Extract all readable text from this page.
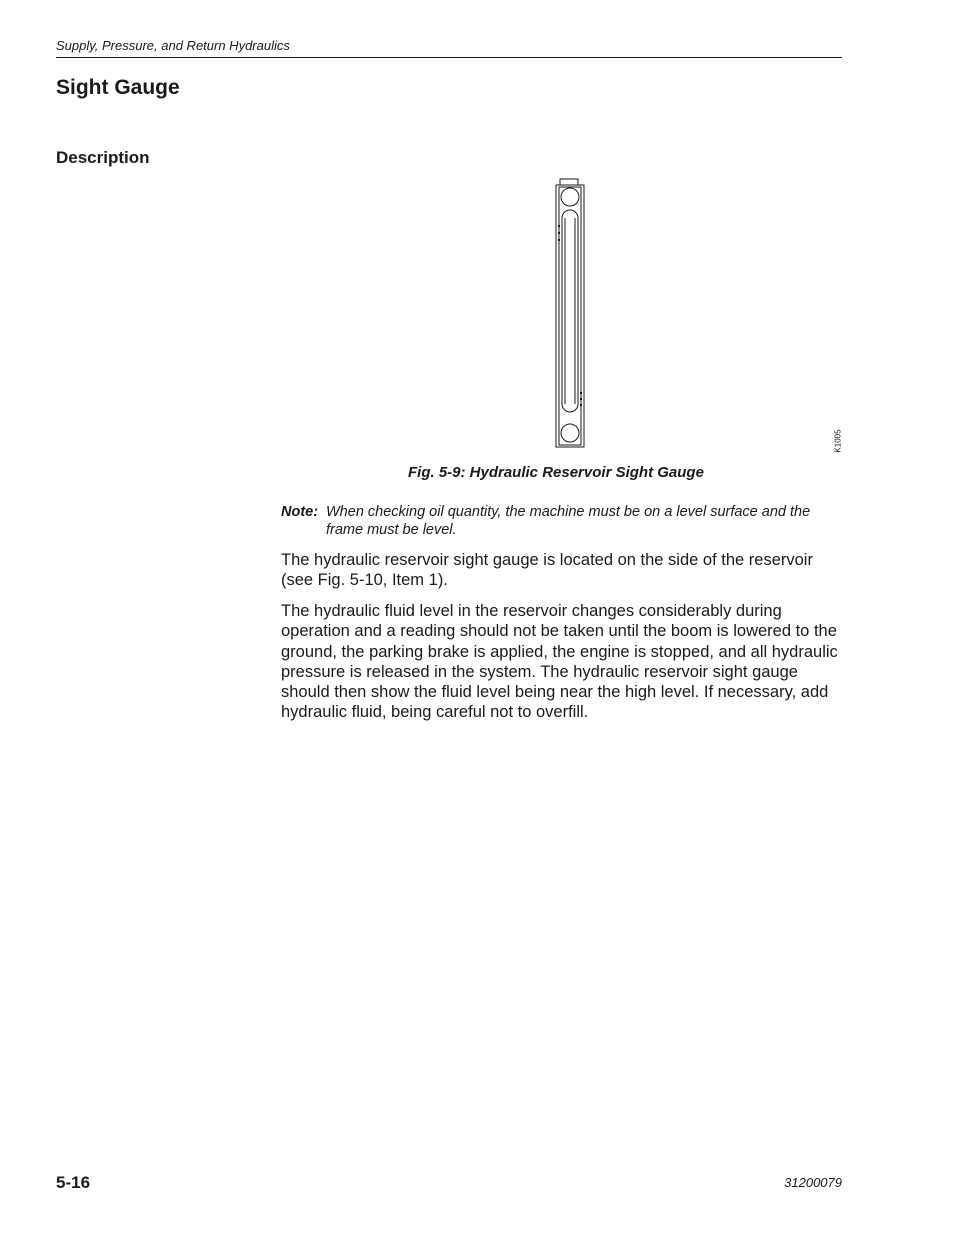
Supply, Pressure, and Return Hydraulics
Sight Gauge
Description
K1005
Fig. 5-9: Hydraulic Reservoir Sight Gauge
Note: When checking oil quantity, the machine must be on a level surface and the frame must be level.

The hydraulic reservoir sight gauge is located on the side of the reservoir (see Fig. 5-10, Item 1).

The hydraulic fluid level in the reservoir changes considerably during operation and a reading should not be taken until the boom is lowered to the ground, the parking brake is applied, the engine is stopped, and all hydraulic pressure is released in the system. The hydraulic reservoir sight gauge should then show the fluid level being near the high level. If necessary, add hydraulic fluid, being careful not to overfill.

5-16	31200079
